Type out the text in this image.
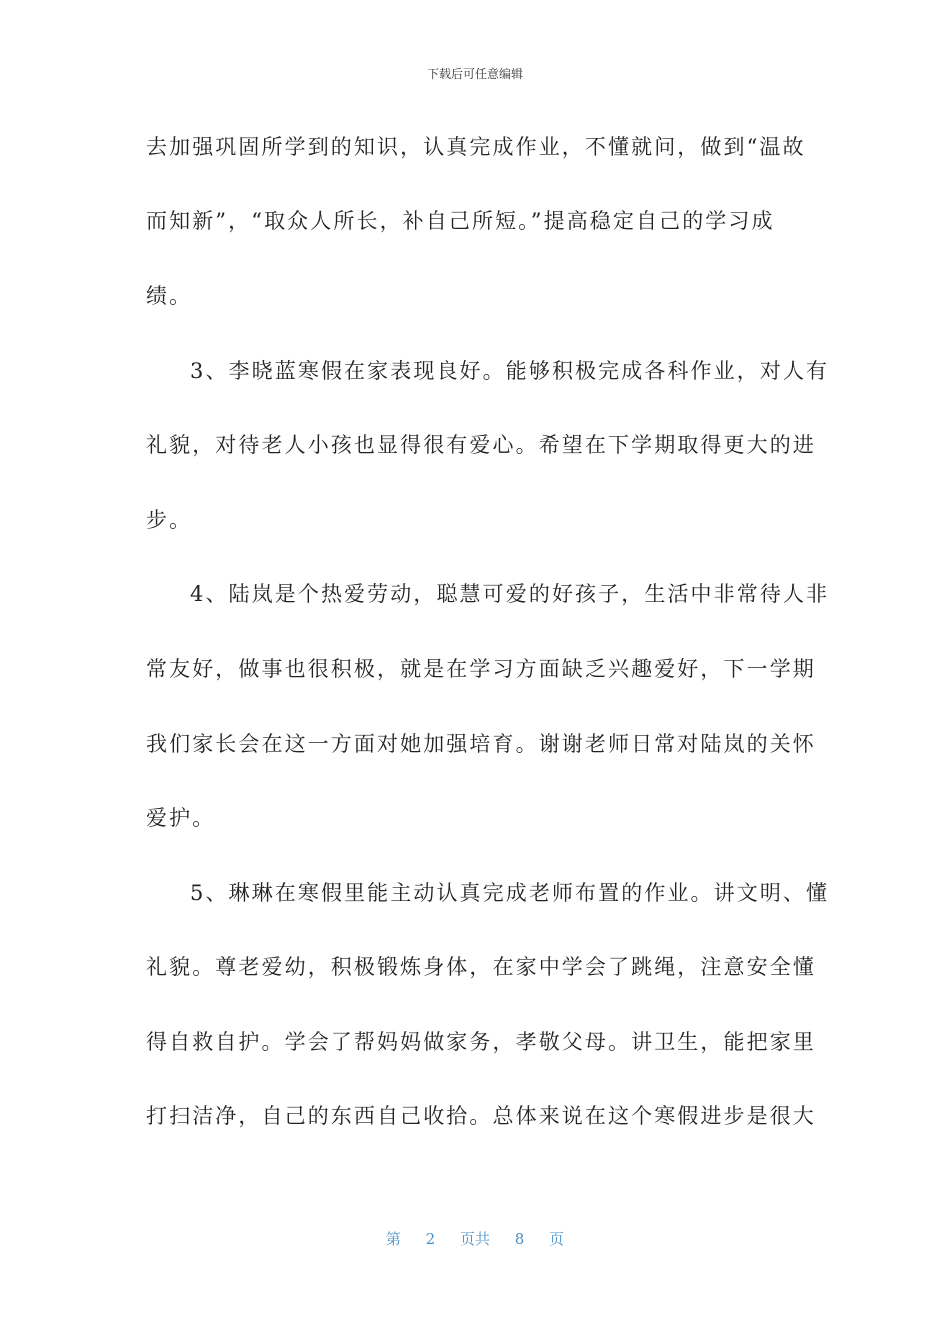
下载后可任意编辑
去加强巩固所学到的知识，认真完成作业，不懂就问，做到“温故
而知新”，“取众人所长，补自己所短。”提高稳定自己的学习成
绩。
3、李晓蓝寒假在家表现良好。能够积极完成各科作业，对人有
礼貌，对待老人小孩也显得很有爱心。希望在下学期取得更大的进
步。
4、陆岚是个热爱劳动，聪慧可爱的好孩子，生活中非常待人非
常友好，做事也很积极，就是在学习方面缺乏兴趣爱好，下一学期
我们家长会在这一方面对她加强培育。谢谢老师日常对陆岚的关怀
爱护。
5、琳琳在寒假里能主动认真完成老师布置的作业。讲文明、懂
礼貌。尊老爱幼，积极锻炼身体，在家中学会了跳绳，注意安全懂
得自救自护。学会了帮妈妈做家务，孝敬父母。讲卫生，能把家里
打扫洁净，自己的东西自己收拾。总体来说在这个寒假进步是很大
第 2 页共 8 页
